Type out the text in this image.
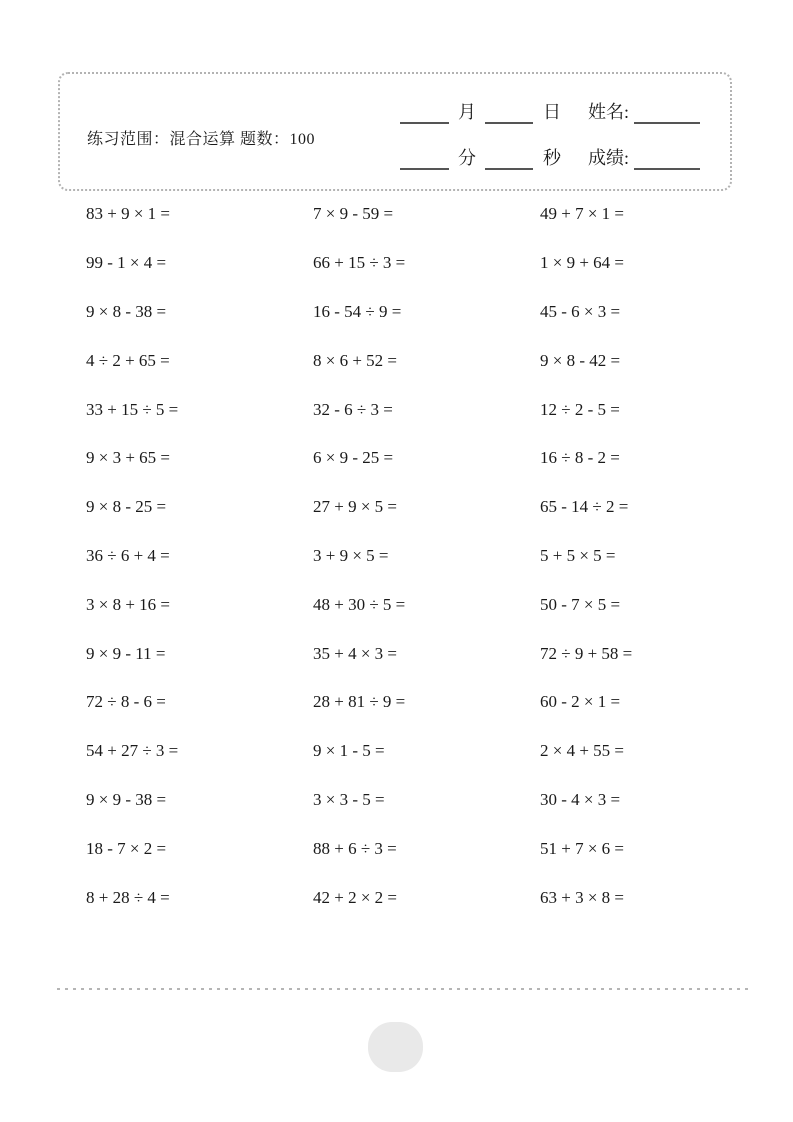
练习范围：混合运算 题数：100
月	日 姓名:
分	秒 成绩:
83 + 9 × 1 =
99 - 1 × 4 =
9 × 8 - 38 =
4 ÷ 2 + 65 =
33 + 15 ÷ 5 =
9 × 3 + 65 =
9 × 8 - 25 =
36 ÷ 6 + 4 =
3 × 8 + 16 =
9 × 9 - 11 =
72 ÷ 8 - 6 =
54 + 27 ÷ 3 =
9 × 9 - 38 =
18 - 7 × 2 =
8 + 28 ÷ 4 =
7 × 9 - 59 =
66 + 15 ÷ 3 =
16 - 54 ÷ 9 =
8 × 6 + 52 =
32 - 6 ÷ 3 =
6 × 9 - 25 =
27 + 9 × 5 =
3 + 9 × 5 =
48 + 30 ÷ 5 =
35 + 4 × 3 =
28 + 81 ÷ 9 =
9 × 1 - 5 =
3 × 3 - 5 =
88 + 6 ÷ 3 =
42 + 2 × 2 =
49 + 7 × 1 =
1 × 9 + 64 =
45 - 6 × 3 =
9 × 8 - 42 =
12 ÷ 2 - 5 =
16 ÷ 8 - 2 =
65 - 14 ÷ 2 =
5 + 5 × 5 =
50 - 7 × 5 =
72 ÷ 9 + 58 =
60 - 2 × 1 =
2 × 4 + 55 =
30 - 4 × 3 =
51 + 7 × 6 =
63 + 3 × 8 =
